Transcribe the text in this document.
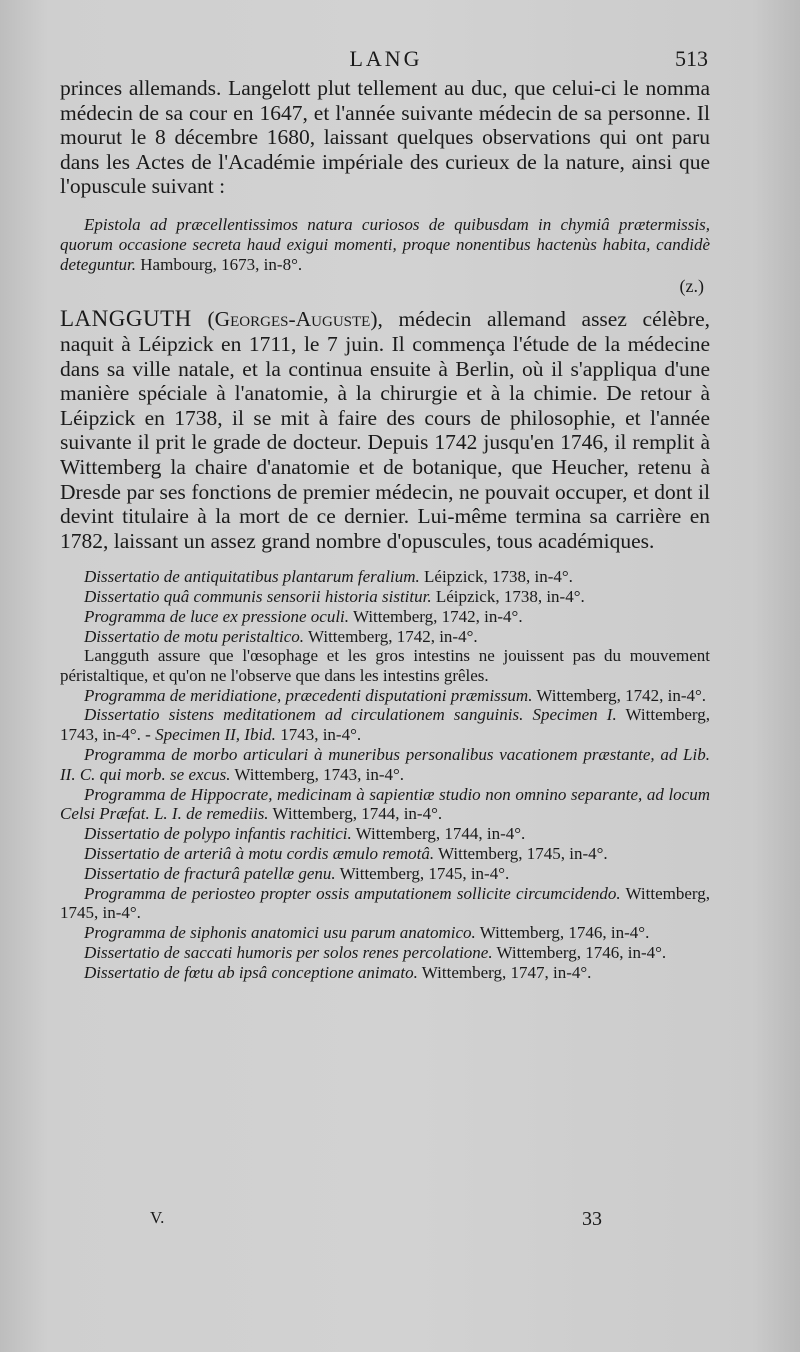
LANG	513

princes allemands. Langelott plut tellement au duc, que celui-ci le nomma médecin de sa cour en 1647, et l'année suivante médecin de sa personne. Il mourut le 8 décembre 1680, laissant quelques observations qui ont paru dans les Actes de l'Académie impériale des curieux de la nature, ainsi que l'opuscule suivant :

Epistola ad præcellentissimos natura curiosos de quibusdam in chymiâ prætermissis, quorum occasione secreta haud exigui momenti, proque nonentibus hactenùs habita, candidè deteguntur. Hambourg, 1673, in-8°.

(z.)

LANGGUTH (Georges-Auguste), médecin allemand assez célèbre, naquit à Léipzick en 1711, le 7 juin. Il commença l'étude de la médecine dans sa ville natale, et la continua ensuite à Berlin, où il s'appliqua d'une manière spéciale à l'anatomie, à la chirurgie et à la chimie. De retour à Léipzick en 1738, il se mit à faire des cours de philosophie, et l'année suivante il prit le grade de docteur. Depuis 1742 jusqu'en 1746, il remplit à Wittemberg la chaire d'anatomie et de botanique, que Heucher, retenu à Dresde par ses fonctions de premier médecin, ne pouvait occuper, et dont il devint titulaire à la mort de ce dernier. Lui-même termina sa carrière en 1782, laissant un assez grand nombre d'opuscules, tous académiques.

Dissertatio de antiquitatibus plantarum feralium. Léipzick, 1738, in-4°.

Dissertatio quâ communis sensorii historia sistitur. Léipzick, 1738, in-4°.

Programma de luce ex pressione oculi. Wittemberg, 1742, in-4°.

Dissertatio de motu peristaltico. Wittemberg, 1742, in-4°.

Langguth assure que l'œsophage et les gros intestins ne jouissent pas du mouvement péristaltique, et qu'on ne l'observe que dans les intestins grêles.

Programma de meridiatione, præcedenti disputationi præmissum. Wittemberg, 1742, in-4°.

Dissertatio sistens meditationem ad circulationem sanguinis. Specimen I. Wittemberg, 1743, in-4°. - Specimen II, Ibid. 1743, in-4°.

Programma de morbo articulari à muneribus personalibus vacationem præstante, ad Lib. II. C. qui morb. se excus. Wittemberg, 1743, in-4°.

Programma de Hippocrate, medicinam à sapientiæ studio non omnino separante, ad locum Celsi Præfat. L. I. de remediis. Wittemberg, 1744, in-4°.

Dissertatio de polypo infantis rachitici. Wittemberg, 1744, in-4°.

Dissertatio de arteriâ à motu cordis æmulo remotâ. Wittemberg, 1745, in-4°.

Dissertatio de fracturâ patellæ genu. Wittemberg, 1745, in-4°.

Programma de periosteo propter ossis amputationem sollicite circumcidendo. Wittemberg, 1745, in-4°.

Programma de siphonis anatomici usu parum anatomico. Wittemberg, 1746, in-4°.

Dissertatio de saccati humoris per solos renes percolatione. Wittemberg, 1746, in-4°.

Dissertatio de fœtu ab ipsâ conceptione animato. Wittemberg, 1747, in-4°.

V.	33
